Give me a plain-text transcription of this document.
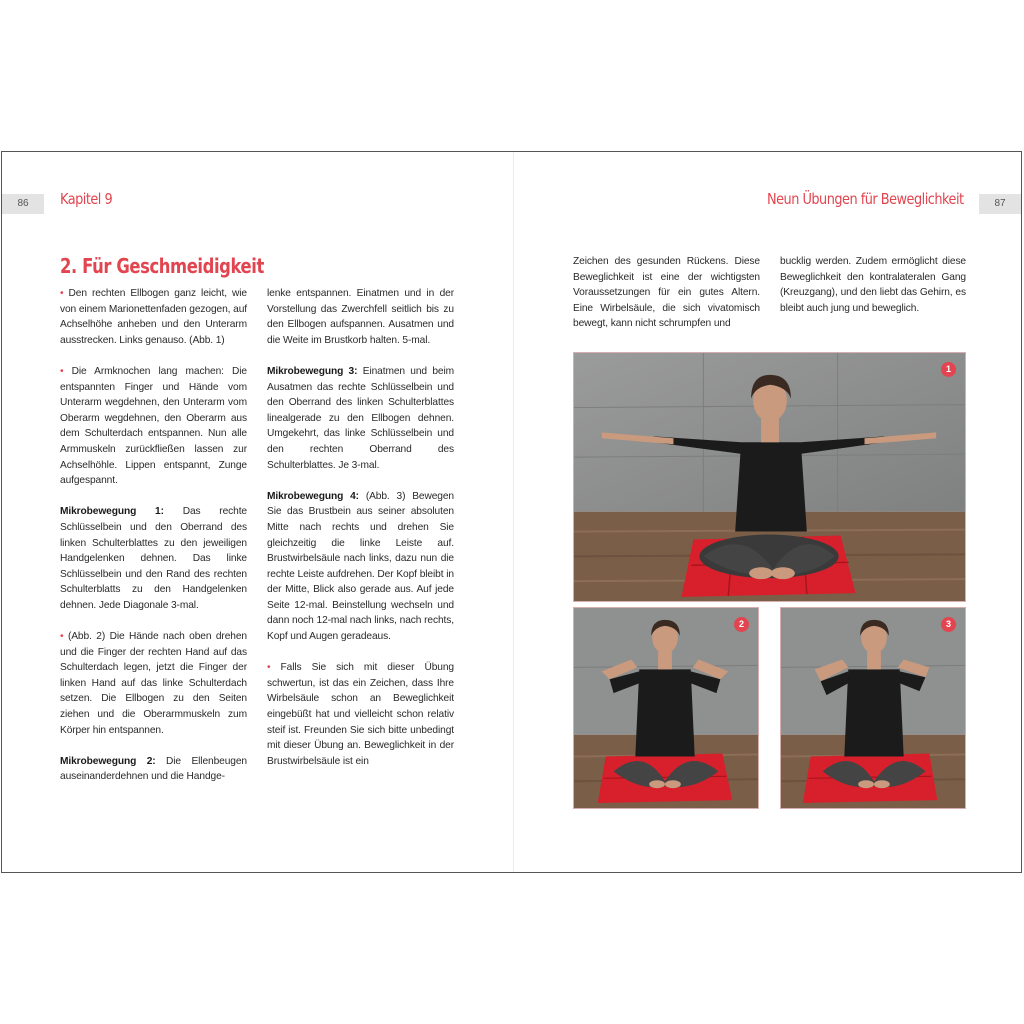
86	Kapitel 9	Neun Übungen für Beweglichkeit	87
2. Für Geschmeidigkeit

• Den rechten Ellbogen ganz leicht, wie von einem Marionettenfaden gezogen, auf Achselhöhe anheben und den Unterarm ausstrecken. Links genauso. (Abb. 1)

• Die Armknochen lang machen: Die entspannten Finger und Hände vom Unterarm wegdehnen, den Unterarm vom Oberarm wegdehnen, den Oberarm aus dem Schulterdach entspannen. Nun alle Armmuskeln zurückfließen lassen zur Achselhöhle. Lippen entspannt, Zunge aufgespannt.

Mikrobewegung 1: Das rechte Schlüsselbein und den Oberrand des linken Schulterblattes zu den jeweiligen Handgelenken dehnen. Das linke Schlüsselbein und den Rand des rechten Schulterblatts zu den Handgelenken dehnen. Jede Diagonale 3-mal.

• (Abb. 2) Die Hände nach oben drehen und die Finger der rechten Hand auf das Schulterdach legen, jetzt die Finger der linken Hand auf das linke Schulterdach setzen. Die Ellbogen zu den Seiten ziehen und die Oberarmmuskeln zum Körper hin entspannen.

Mikrobewegung 2: Die Ellenbeugen auseinanderdehnen und die Handge-

lenke entspannen. Einatmen und in der Vorstellung das Zwerchfell seitlich bis zu den Ellbogen aufspannen. Ausatmen und die Weite im Brustkorb halten. 5-mal.

Mikrobewegung 3: Einatmen und beim Ausatmen das rechte Schlüsselbein und den Oberrand des linken Schulterblattes linealgerade zu den Ellbogen dehnen. Umgekehrt, das linke Schlüsselbein und den rechten Oberrand des Schulterblattes. Je 3-mal.

Mikrobewegung 4: (Abb. 3) Bewegen Sie das Brustbein aus seiner absoluten Mitte nach rechts und drehen Sie gleichzeitig die linke Leiste auf. Brustwirbelsäule nach links, dazu nun die rechte Leiste aufdrehen. Der Kopf bleibt in der Mitte, Blick also gerade aus. Auf jede Seite 12-mal. Beinstellung wechseln und dann noch 12-mal nach links, nach rechts, Kopf und Augen geradeaus.

• Falls Sie sich mit dieser Übung schwertun, ist das ein Zeichen, dass Ihre Wirbelsäule schon an Beweglichkeit eingebüßt hat und vielleicht schon relativ steif ist. Freunden Sie sich bitte unbedingt mit dieser Übung an. Beweglichkeit in der Brustwirbelsäule ist ein

Zeichen des gesunden Rückens. Diese Beweglichkeit ist eine der wichtigsten Voraussetzungen für ein gutes Altern. Eine Wirbelsäule, die sich vivatomisch bewegt, kann nicht schrumpfen und
bucklig werden. Zudem ermöglicht diese Beweglichkeit den kontralateralen Gang (Kreuzgang), und den liebt das Gehirn, es bleibt auch jung und beweglich.
1
2	3
